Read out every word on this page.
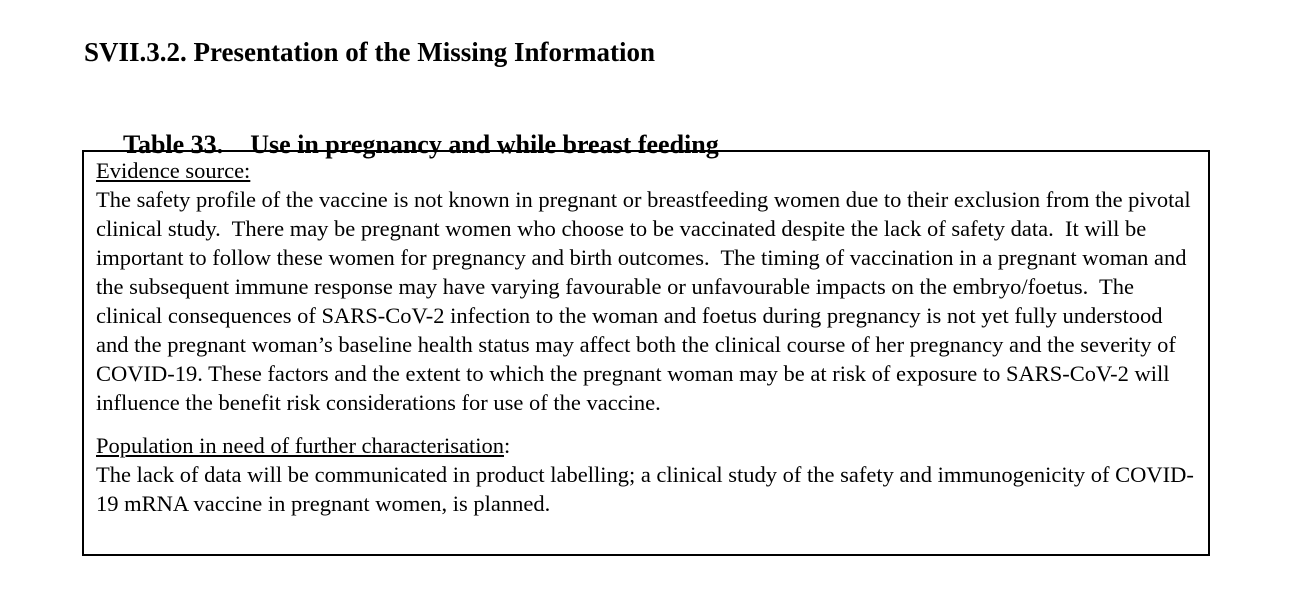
SVII.3.2. Presentation of the Missing Information

Table 33. Use in pregnancy and while breast feeding

Evidence source:
The safety profile of the vaccine is not known in pregnant or breastfeeding women due to their exclusion from the pivotal clinical study.  There may be pregnant women who choose to be vaccinated despite the lack of safety data.  It will be important to follow these women for pregnancy and birth outcomes.  The timing of vaccination in a pregnant woman and the subsequent immune response may have varying favourable or unfavourable impacts on the embryo/foetus.  The clinical consequences of SARS-CoV-2 infection to the woman and foetus during pregnancy is not yet fully understood and the pregnant woman’s baseline health status may affect both the clinical course of her pregnancy and the severity of COVID-19. These factors and the extent to which the pregnant woman may be at risk of exposure to SARS-CoV-2 will influence the benefit risk considerations for use of the vaccine.
Population in need of further characterisation:
The lack of data will be communicated in product labelling; a clinical study of the safety and immunogenicity of COVID-19 mRNA vaccine in pregnant women, is planned.
